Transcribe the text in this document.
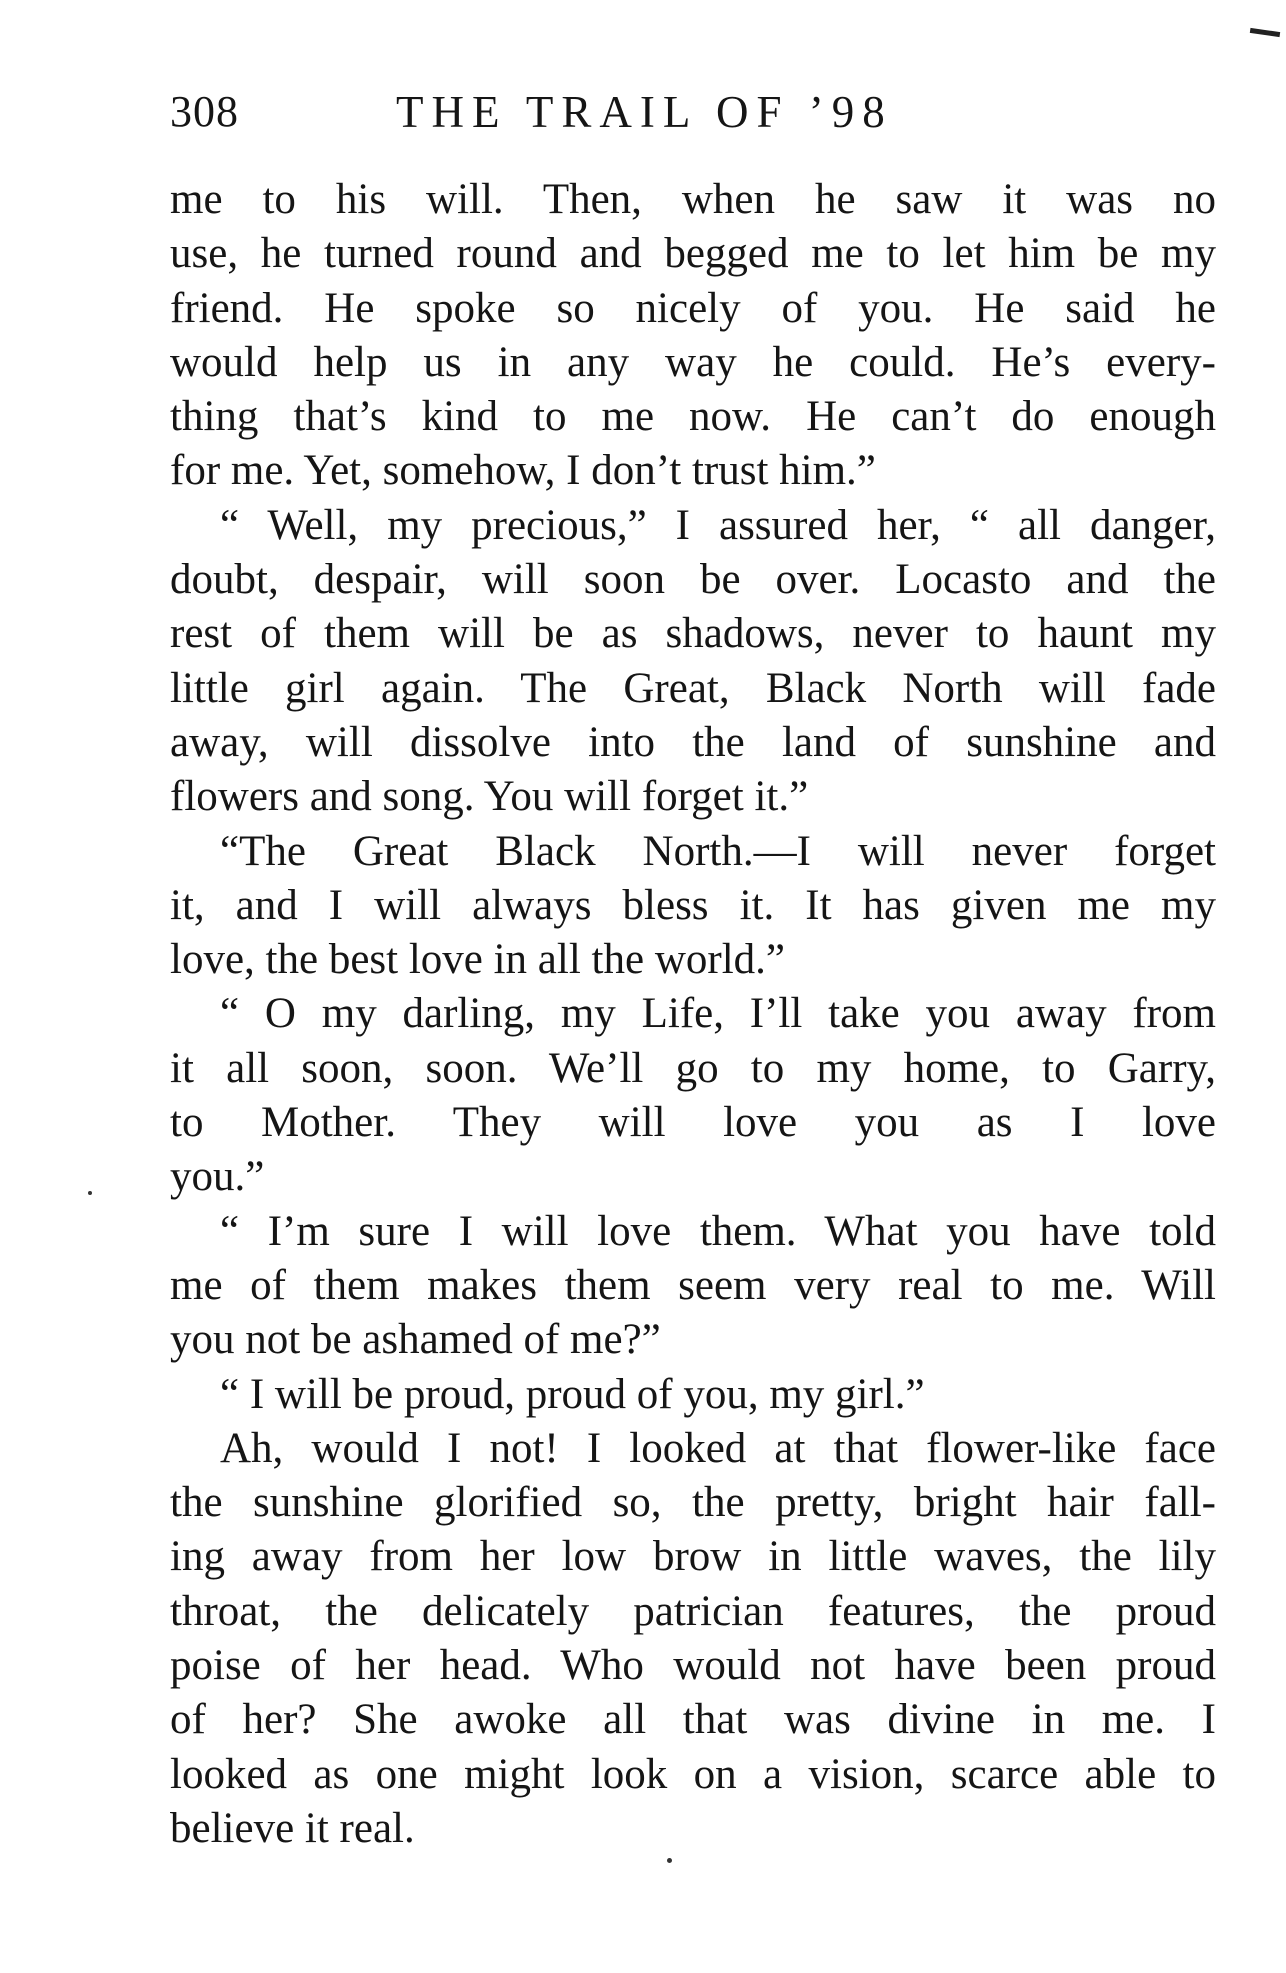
308	THE TRAIL OF ’98
me to his will. Then, when he saw it was no
use, he turned round and begged me to let him be my
friend. He spoke so nicely of you. He said he
would help us in any way he could. He’s every-
thing that’s kind to me now. He can’t do enough
for me. Yet, somehow, I don’t trust him.”
“ Well, my precious,” I assured her, “ all danger,
doubt, despair, will soon be over. Locasto and the
rest of them will be as shadows, never to haunt my
little girl again. The Great, Black North will fade
away, will dissolve into the land of sunshine and
flowers and song. You will forget it.”
“The Great Black North.—I will never forget
it, and I will always bless it. It has given me my
love, the best love in all the world.”
“ O my darling, my Life, I’ll take you away from
it all soon, soon. We’ll go to my home, to Garry,
to Mother. They will love you as I love
you.”
“ I’m sure I will love them. What you have told
me of them makes them seem very real to me. Will
you not be ashamed of me?”
“ I will be proud, proud of you, my girl.”
Ah, would I not! I looked at that flower-like face
the sunshine glorified so, the pretty, bright hair fall-
ing away from her low brow in little waves, the lily
throat, the delicately patrician features, the proud
poise of her head. Who would not have been proud
of her? She awoke all that was divine in me. I
looked as one might look on a vision, scarce able to
believe it real.
